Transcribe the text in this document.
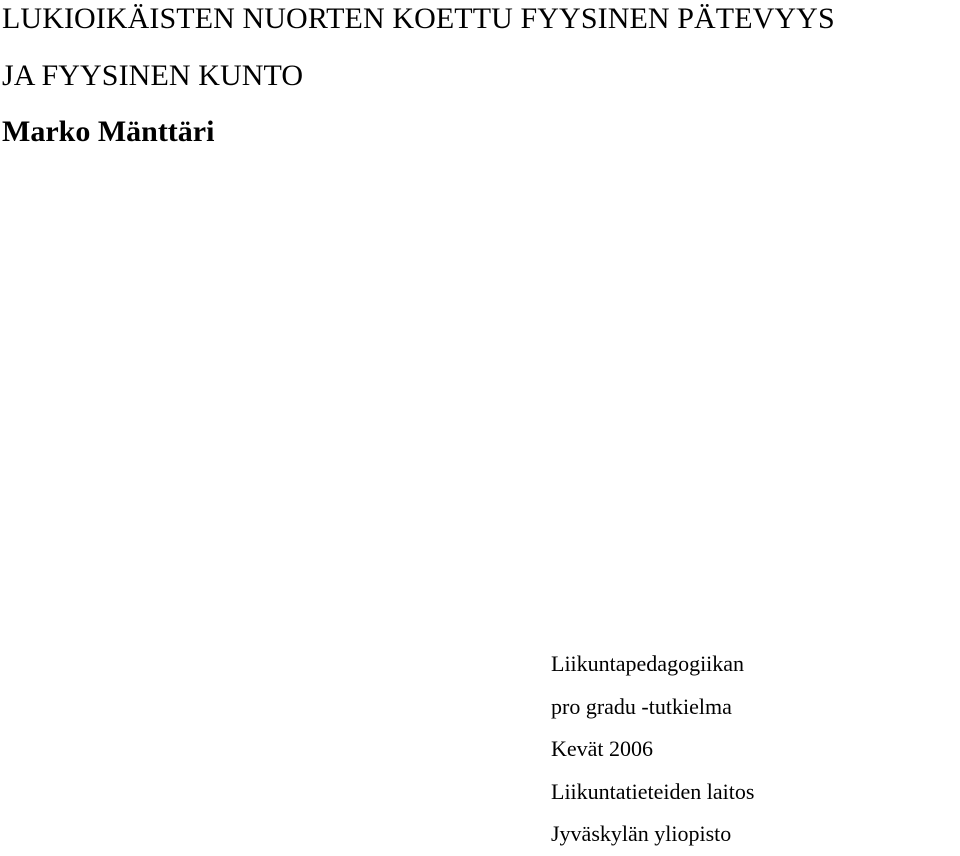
LUKIOIKÄISTEN NUORTEN KOETTU FYYSINEN PÄTEVYYS
JA FYYSINEN KUNTO

Marko Mänttäri

Liikuntapedagogiikan
pro gradu -tutkielma
Kevät 2006
Liikuntatieteiden laitos
Jyväskylän yliopisto
